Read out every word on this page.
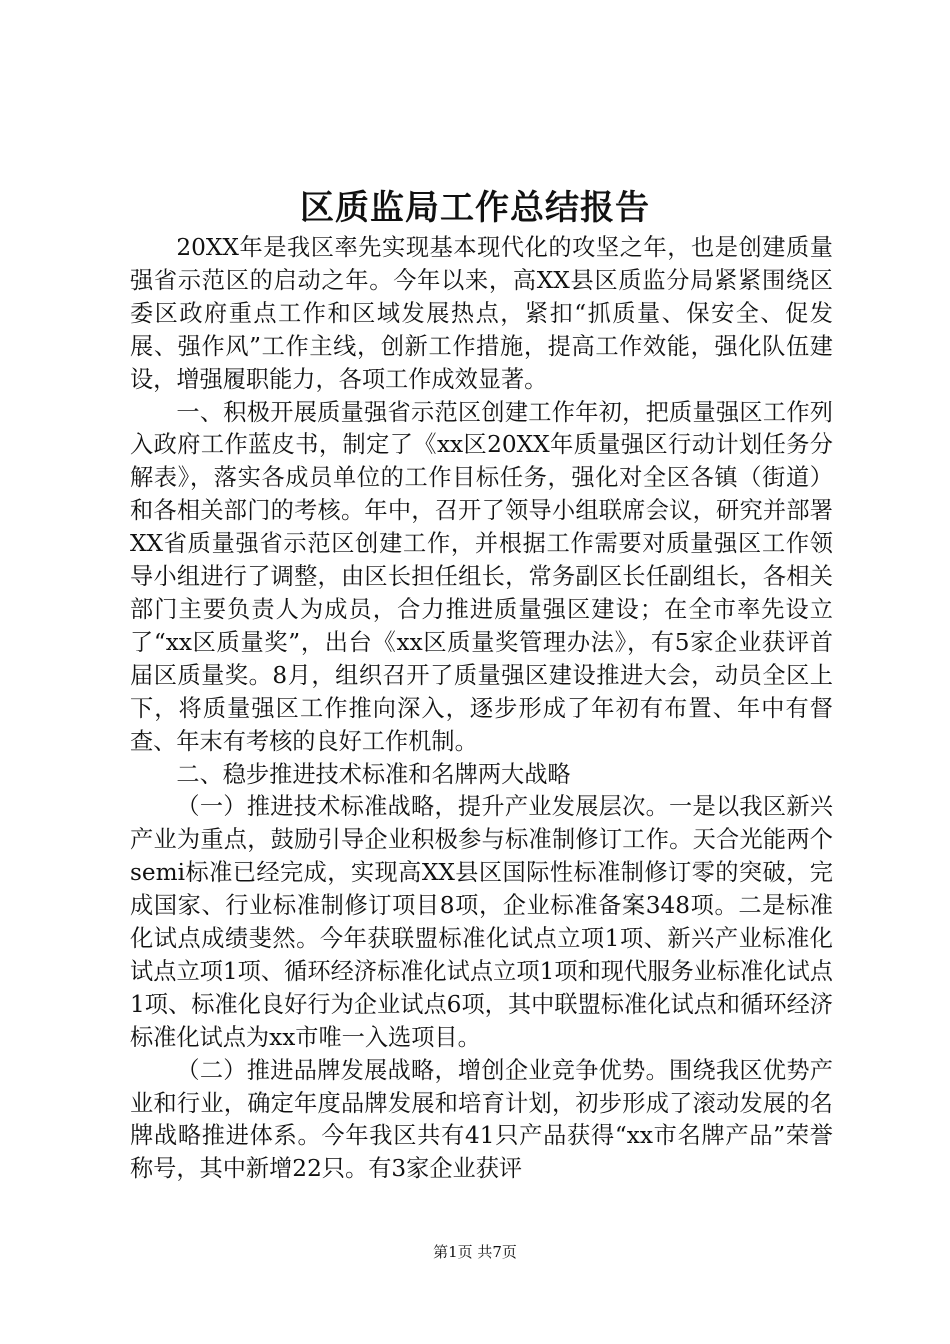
区质监局工作总结报告

20XX年是我区率先实现基本现代化的攻坚之年，也是创建质量强省示范区的启动之年。今年以来，高XX县区质监分局紧紧围绕区委区政府重点工作和区域发展热点，紧扣“抓质量、保安全、促发展、强作风”工作主线，创新工作措施，提高工作效能，强化队伍建设，增强履职能力，各项工作成效显著。

一、积极开展质量强省示范区创建工作年初，把质量强区工作列入政府工作蓝皮书，制定了《xx区20XX年质量强区行动计划任务分解表》，落实各成员单位的工作目标任务，强化对全区各镇（街道）和各相关部门的考核。年中，召开了领导小组联席会议，研究并部署XX省质量强省示范区创建工作，并根据工作需要对质量强区工作领导小组进行了调整，由区长担任组长，常务副区长任副组长，各相关部门主要负责人为成员，合力推进质量强区建设；在全市率先设立了“xx区质量奖”，出台《xx区质量奖管理办法》，有5家企业获评首届区质量奖。8月，组织召开了质量强区建设推进大会，动员全区上下，将质量强区工作推向深入，逐步形成了年初有布置、年中有督查、年末有考核的良好工作机制。

二、稳步推进技术标准和名牌两大战略

（一）推进技术标准战略，提升产业发展层次。一是以我区新兴产业为重点，鼓励引导企业积极参与标准制修订工作。天合光能两个semi标准已经完成，实现高XX县区国际性标准制修订零的突破，完成国家、行业标准制修订项目8项，企业标准备案348项。二是标准化试点成绩斐然。今年获联盟标准化试点立项1项、新兴产业标准化试点立项1项、循环经济标准化试点立项1项和现代服务业标准化试点1项、标准化良好行为企业试点6项，其中联盟标准化试点和循环经济标准化试点为xx市唯一入选项目。

（二）推进品牌发展战略，增创企业竞争优势。围绕我区优势产业和行业，确定年度品牌发展和培育计划，初步形成了滚动发展的名牌战略推进体系。今年我区共有41只产品获得“xx市名牌产品”荣誉称号，其中新增22只。有3家企业获评

第1页 共7页
